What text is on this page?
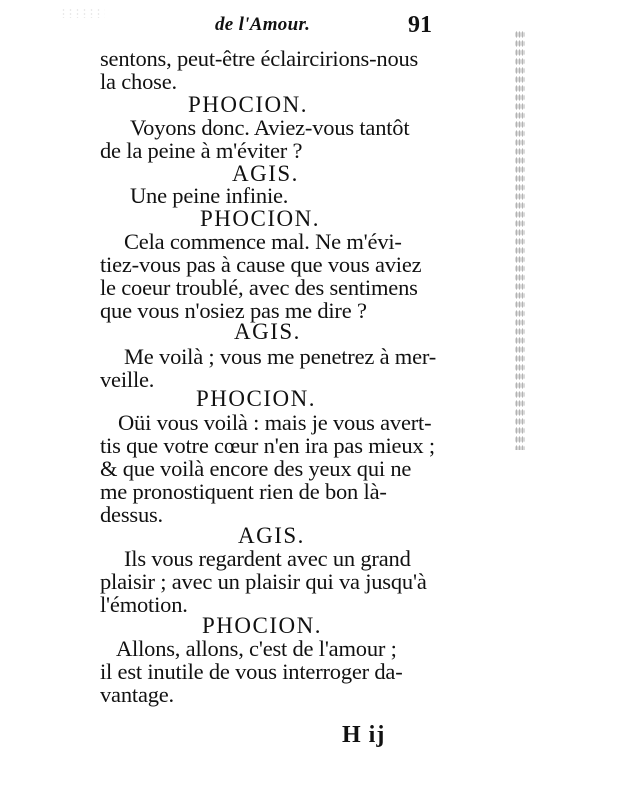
de l'Amour.	91
sentons, peut-être éclaircirions-nous
la chose.
PHOCION.
Voyons donc. Aviez-vous tantôt
de la peine à m'éviter ?
AGIS.
Une peine infinie.
PHOCION.
Cela commence mal. Ne m'évi-
tiez-vous pas à cause que vous aviez
le coeur troublé, avec des sentimens
que vous n'osiez pas me dire ?
AGIS.
Me voilà ; vous me penetrez à mer-
veille.
PHOCION.
Oüi vous voilà : mais je vous avert-
tis que votre cœur n'en ira pas mieux ;
& que voilà encore des yeux qui ne
me pronostiquent rien de bon là-
dessus.
AGIS.
Ils vous regardent avec un grand
plaisir ; avec un plaisir qui va jusqu'à
l'émotion.
PHOCION.
Allons, allons, c'est de l'amour ;
il est inutile de vous interroger da-
vantage.
H ij
